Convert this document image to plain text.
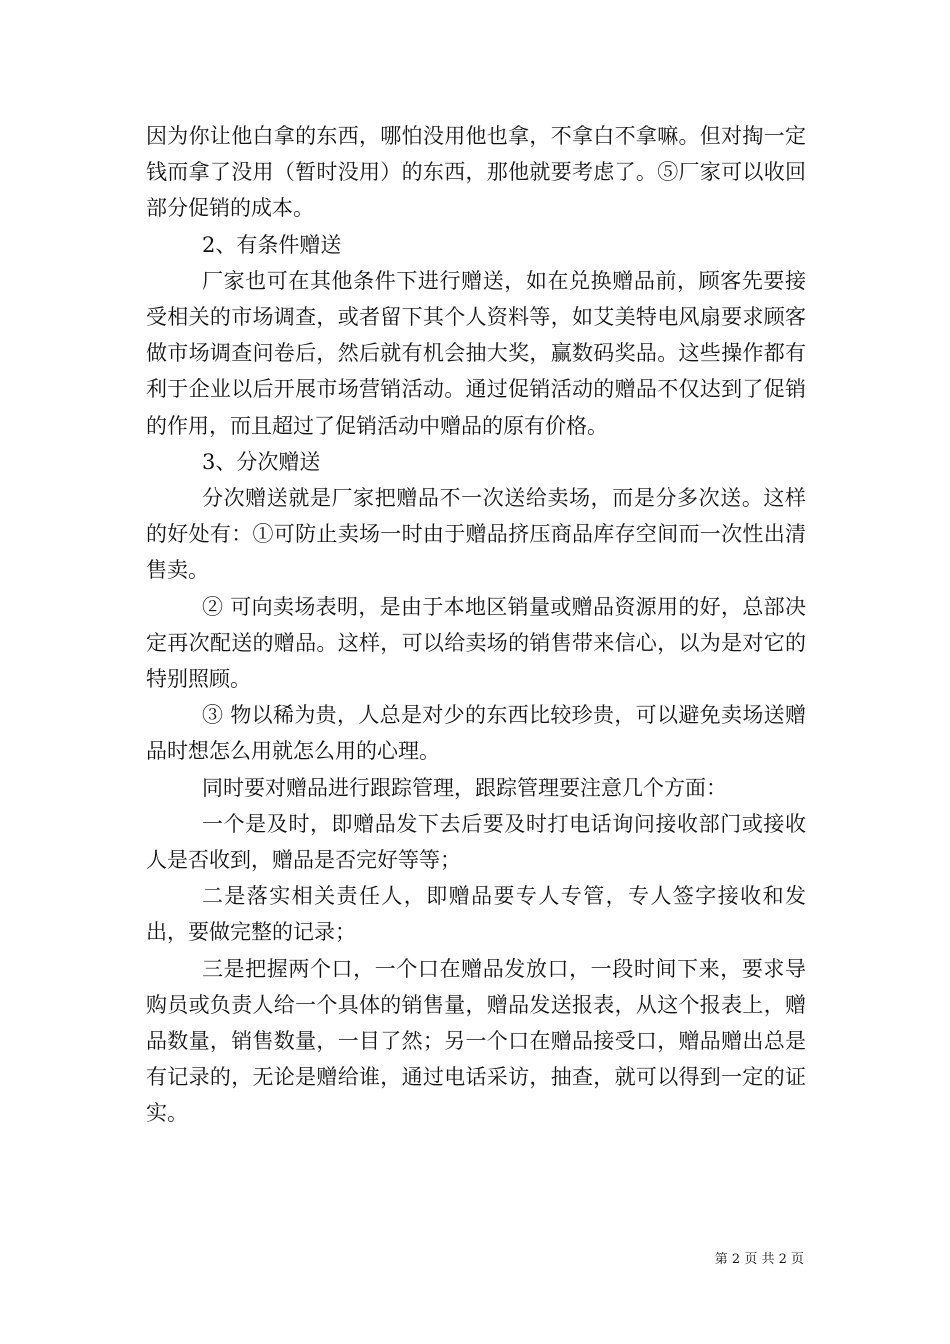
因为你让他白拿的东西，哪怕没用他也拿，不拿白不拿嘛。但对掏一定钱而拿了没用（暂时没用）的东西，那他就要考虑了。⑤厂家可以收回部分促销的成本。

2、有条件赠送

厂家也可在其他条件下进行赠送，如在兑换赠品前，顾客先要接受相关的市场调查，或者留下其个人资料等，如艾美特电风扇要求顾客做市场调查问卷后，然后就有机会抽大奖，赢数码奖品。这些操作都有利于企业以后开展市场营销活动。通过促销活动的赠品不仅达到了促销的作用，而且超过了促销活动中赠品的原有价格。

3、分次赠送

分次赠送就是厂家把赠品不一次送给卖场，而是分多次送。这样的好处有：①可防止卖场一时由于赠品挤压商品库存空间而一次性出清售卖。

② 可向卖场表明，是由于本地区销量或赠品资源用的好，总部决定再次配送的赠品。这样，可以给卖场的销售带来信心，以为是对它的特别照顾。

③ 物以稀为贵，人总是对少的东西比较珍贵，可以避免卖场送赠品时想怎么用就怎么用的心理。

同时要对赠品进行跟踪管理，跟踪管理要注意几个方面：

一个是及时，即赠品发下去后要及时打电话询问接收部门或接收人是否收到，赠品是否完好等等；

二是落实相关责任人，即赠品要专人专管，专人签字接收和发出，要做完整的记录；

三是把握两个口，一个口在赠品发放口，一段时间下来，要求导购员或负责人给一个具体的销售量，赠品发送报表，从这个报表上，赠品数量，销售数量，一目了然；另一个口在赠品接受口，赠品赠出总是有记录的，无论是赠给谁，通过电话采访，抽查，就可以得到一定的证实。

第 2 页 共 2 页
